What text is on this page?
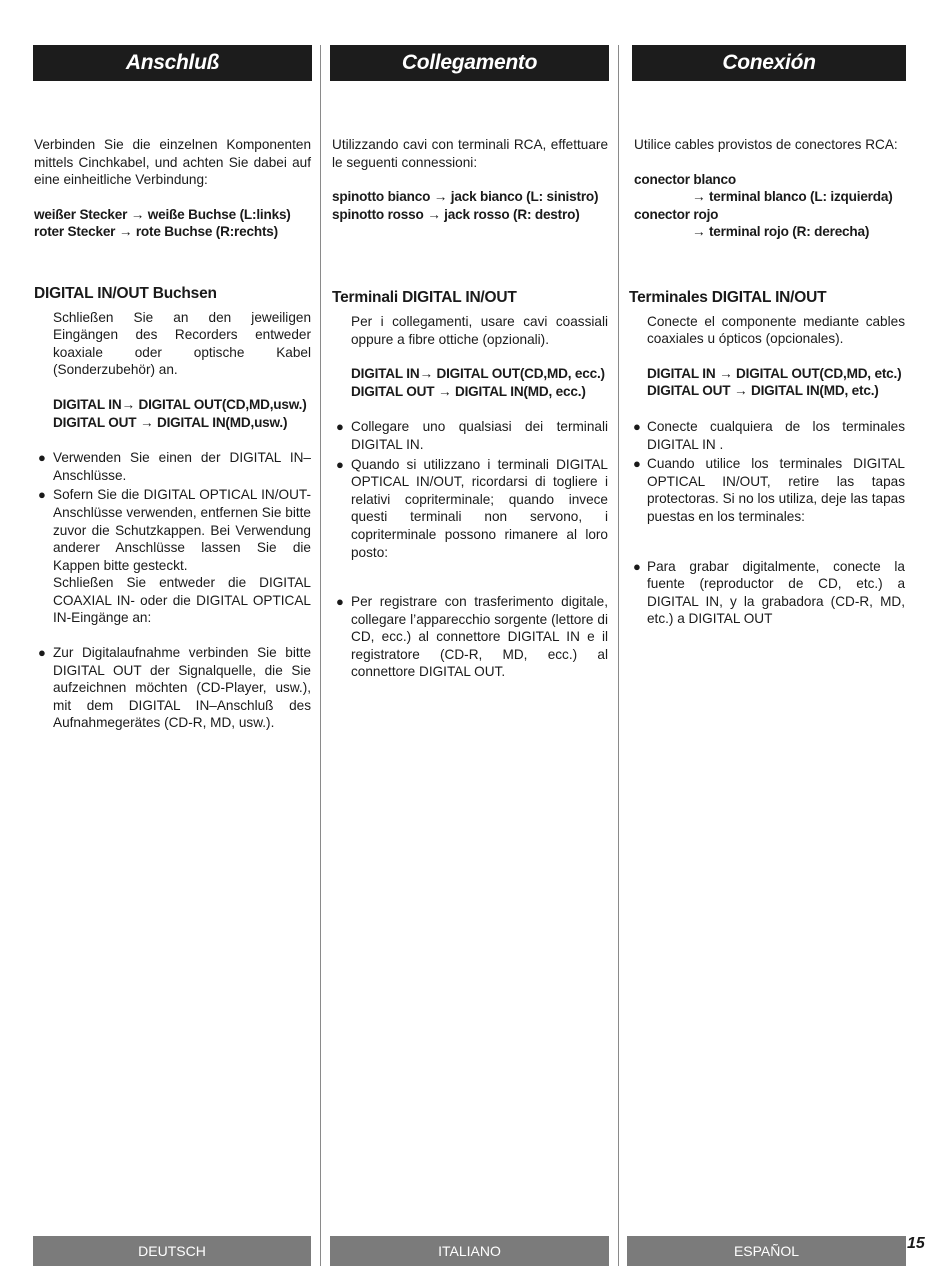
Anschluß	Collegamento	Conexión

Verbinden Sie die einzelnen Komponenten mittels Cinchkabel, und achten Sie dabei auf eine einheitliche Verbindung:

weißer Stecker → weiße Buchse (L:links)

roter Stecker → rote Buchse (R:rechts)

DIGITAL IN/OUT Buchsen

Schließen Sie an den jeweiligen Eingängen des Recorders entweder koaxiale oder optische Kabel (Sonderzubehör) an.

DIGITAL IN→ DIGITAL OUT(CD,MD,usw.)

DIGITAL OUT → DIGITAL IN(MD,usw.)

● Verwenden Sie einen der DIGITAL IN–Anschlüsse.
● Sofern Sie die DIGITAL OPTICAL IN/OUT-Anschlüsse verwenden, entfernen Sie bitte zuvor die Schutzkappen. Bei Verwendung anderer Anschlüsse lassen Sie die Kappen bitte gesteckt.
Schließen Sie entweder die DIGITAL COAXIAL IN- oder die DIGITAL OPTICAL IN-Eingänge an:
● Zur Digitalaufnahme verbinden Sie bitte DIGITAL OUT der Signalquelle, die Sie aufzeichnen möchten (CD-Player, usw.), mit dem DIGITAL IN–Anschluß des Aufnahmegerätes (CD-R, MD, usw.).

Utilizzando cavi con terminali RCA, effettuare le seguenti connessioni:

spinotto bianco → jack bianco (L: sinistro)

spinotto rosso → jack rosso (R: destro)

Terminali DIGITAL IN/OUT

Per i collegamenti, usare cavi coassiali oppure a fibre ottiche (opzionali).

DIGITAL IN→ DIGITAL OUT(CD,MD, ecc.)

DIGITAL OUT → DIGITAL IN(MD, ecc.)

● Collegare uno qualsiasi dei terminali DIGITAL IN.
● Quando si utilizzano i terminali DIGITAL OPTICAL IN/OUT, ricordarsi di togliere i relativi copriterminale; quando invece questi terminali non servono, i copriterminale possono rimanere al loro posto:
● Per registrare con trasferimento digitale, collegare l’apparecchio sorgente (lettore di CD, ecc.) al connettore DIGITAL IN e il registratore (CD-R, MD, ecc.) al connettore DIGITAL OUT.

Utilice cables provistos de conectores RCA:

conector blanco

→ terminal blanco (L: izquierda)

conector rojo

→ terminal rojo (R: derecha)

Terminales DIGITAL IN/OUT

Conecte el componente mediante cables coaxiales u ópticos (opcionales).

DIGITAL IN → DIGITAL OUT(CD,MD, etc.)

DIGITAL OUT → DIGITAL IN(MD, etc.)

● Conecte cualquiera de los terminales DIGITAL IN .
● Cuando utilice los terminales DIGITAL OPTICAL IN/OUT, retire las tapas protectoras. Si no los utiliza, deje las tapas puestas en los terminales:
● Para grabar digitalmente, conecte la fuente (reproductor de CD, etc.) a DIGITAL IN, y la grabadora (CD-R, MD, etc.) a DIGITAL OUT
DEUTSCH	ITALIANO	ESPAÑOL	15
